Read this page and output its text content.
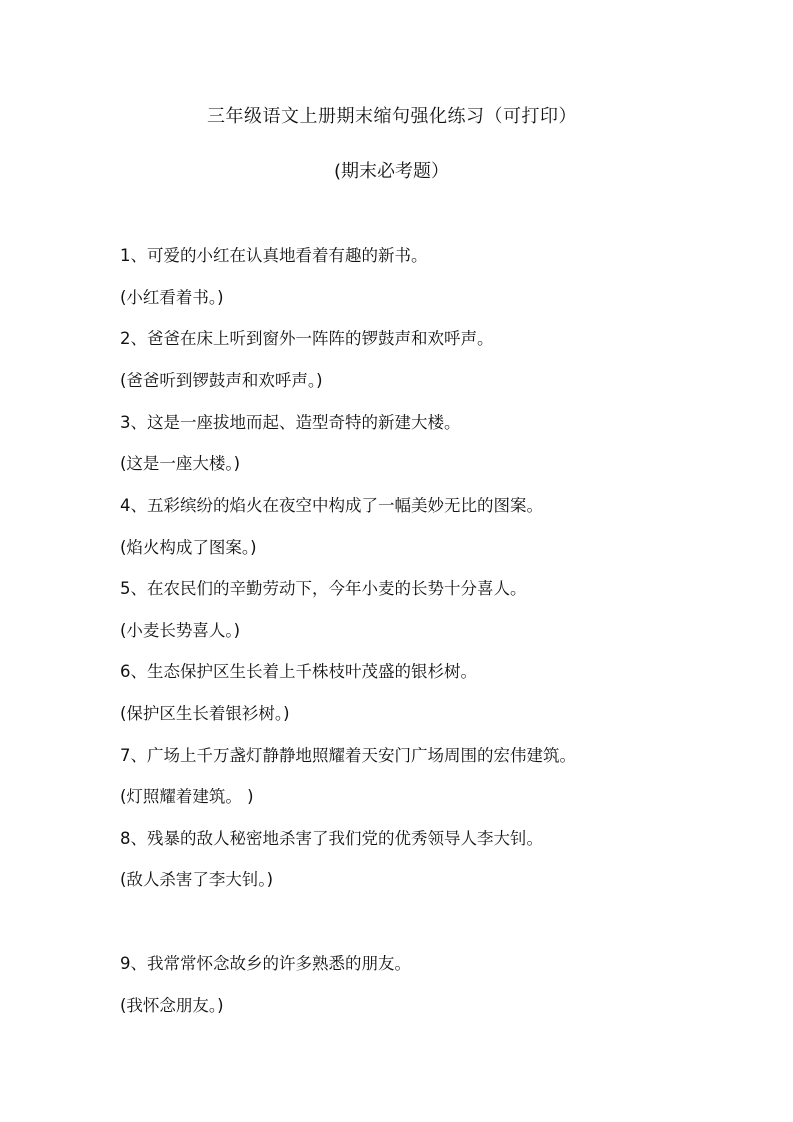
三年级语文上册期末缩句强化练习（可打印）
(期末必考题）
1、可爱的小红在认真地看着有趣的新书。
(小红看着书。)
2、爸爸在床上听到窗外一阵阵的锣鼓声和欢呼声。
(爸爸听到锣鼓声和欢呼声。)
3、这是一座拔地而起、造型奇特的新建大楼。
(这是一座大楼。)
4、五彩缤纷的焰火在夜空中构成了一幅美妙无比的图案。
(焰火构成了图案。)
5、在农民们的辛勤劳动下，今年小麦的长势十分喜人。
(小麦长势喜人。)
6、生态保护区生长着上千株枝叶茂盛的银杉树。
(保护区生长着银衫树。)
7、广场上千万盏灯静静地照耀着天安门广场周围的宏伟建筑。
(灯照耀着建筑。 )
8、残暴的敌人秘密地杀害了我们党的优秀领导人李大钊。
(敌人杀害了李大钊。)
9、我常常怀念故乡的许多熟悉的朋友。
(我怀念朋友。)
